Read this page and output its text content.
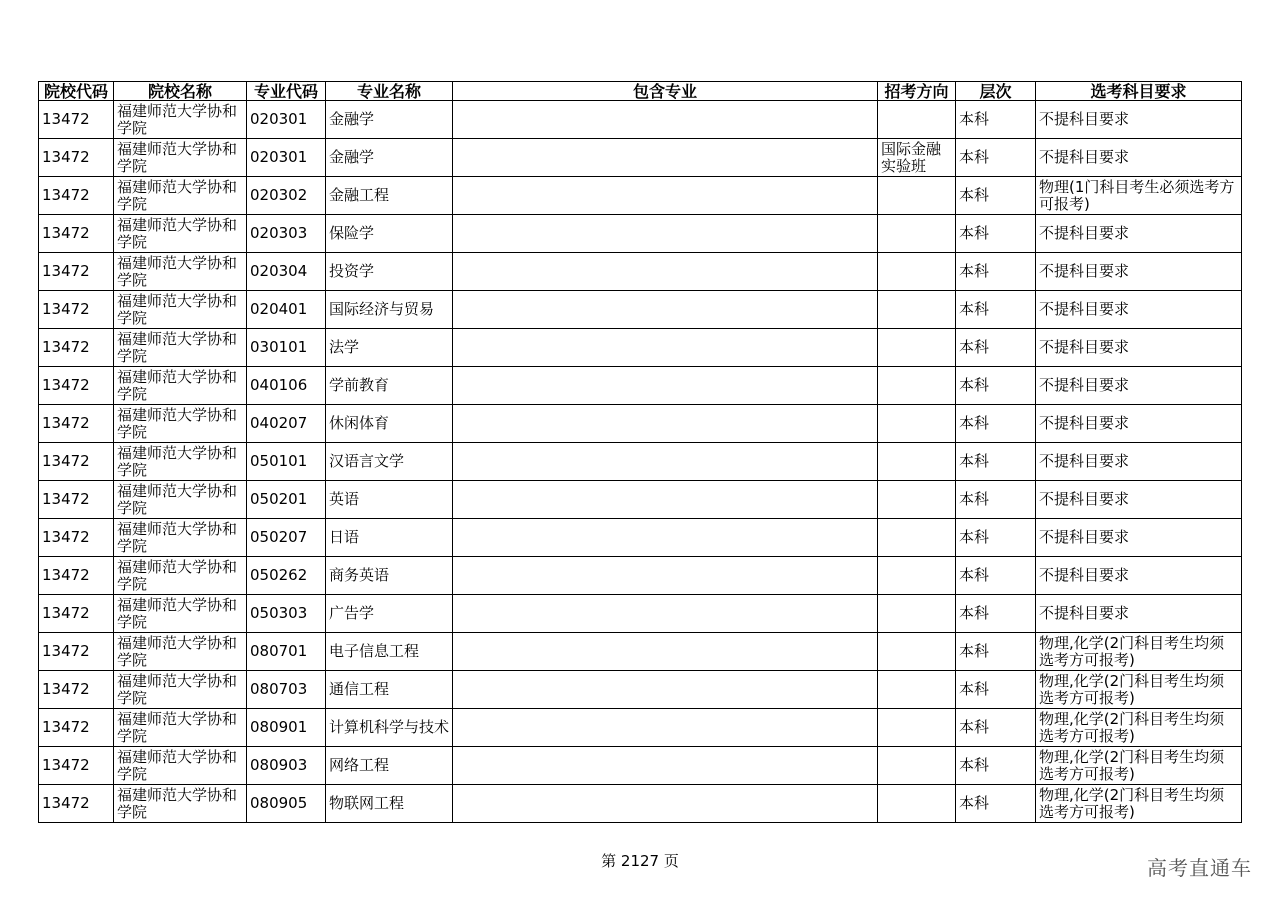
院校代码	院校名称	专业代码	专业名称	包含专业	招考方向	层次	选考科目要求
13472	福建师范大学协和学院	020301	金融学			本科	不提科目要求
13472	福建师范大学协和学院	020301	金融学		国际金融实验班	本科	不提科目要求
13472	福建师范大学协和学院	020302	金融工程			本科	物理(1门科目考生必须选考方可报考)
13472	福建师范大学协和学院	020303	保险学			本科	不提科目要求
13472	福建师范大学协和学院	020304	投资学			本科	不提科目要求
13472	福建师范大学协和学院	020401	国际经济与贸易			本科	不提科目要求
13472	福建师范大学协和学院	030101	法学			本科	不提科目要求
13472	福建师范大学协和学院	040106	学前教育			本科	不提科目要求
13472	福建师范大学协和学院	040207	休闲体育			本科	不提科目要求
13472	福建师范大学协和学院	050101	汉语言文学			本科	不提科目要求
13472	福建师范大学协和学院	050201	英语			本科	不提科目要求
13472	福建师范大学协和学院	050207	日语			本科	不提科目要求
13472	福建师范大学协和学院	050262	商务英语			本科	不提科目要求
13472	福建师范大学协和学院	050303	广告学			本科	不提科目要求
13472	福建师范大学协和学院	080701	电子信息工程			本科	物理,化学(2门科目考生均须选考方可报考)
13472	福建师范大学协和学院	080703	通信工程			本科	物理,化学(2门科目考生均须选考方可报考)
13472	福建师范大学协和学院	080901	计算机科学与技术			本科	物理,化学(2门科目考生均须选考方可报考)
13472	福建师范大学协和学院	080903	网络工程			本科	物理,化学(2门科目考生均须选考方可报考)
13472	福建师范大学协和学院	080905	物联网工程			本科	物理,化学(2门科目考生均须选考方可报考)
第 2127 页	高考直通车
